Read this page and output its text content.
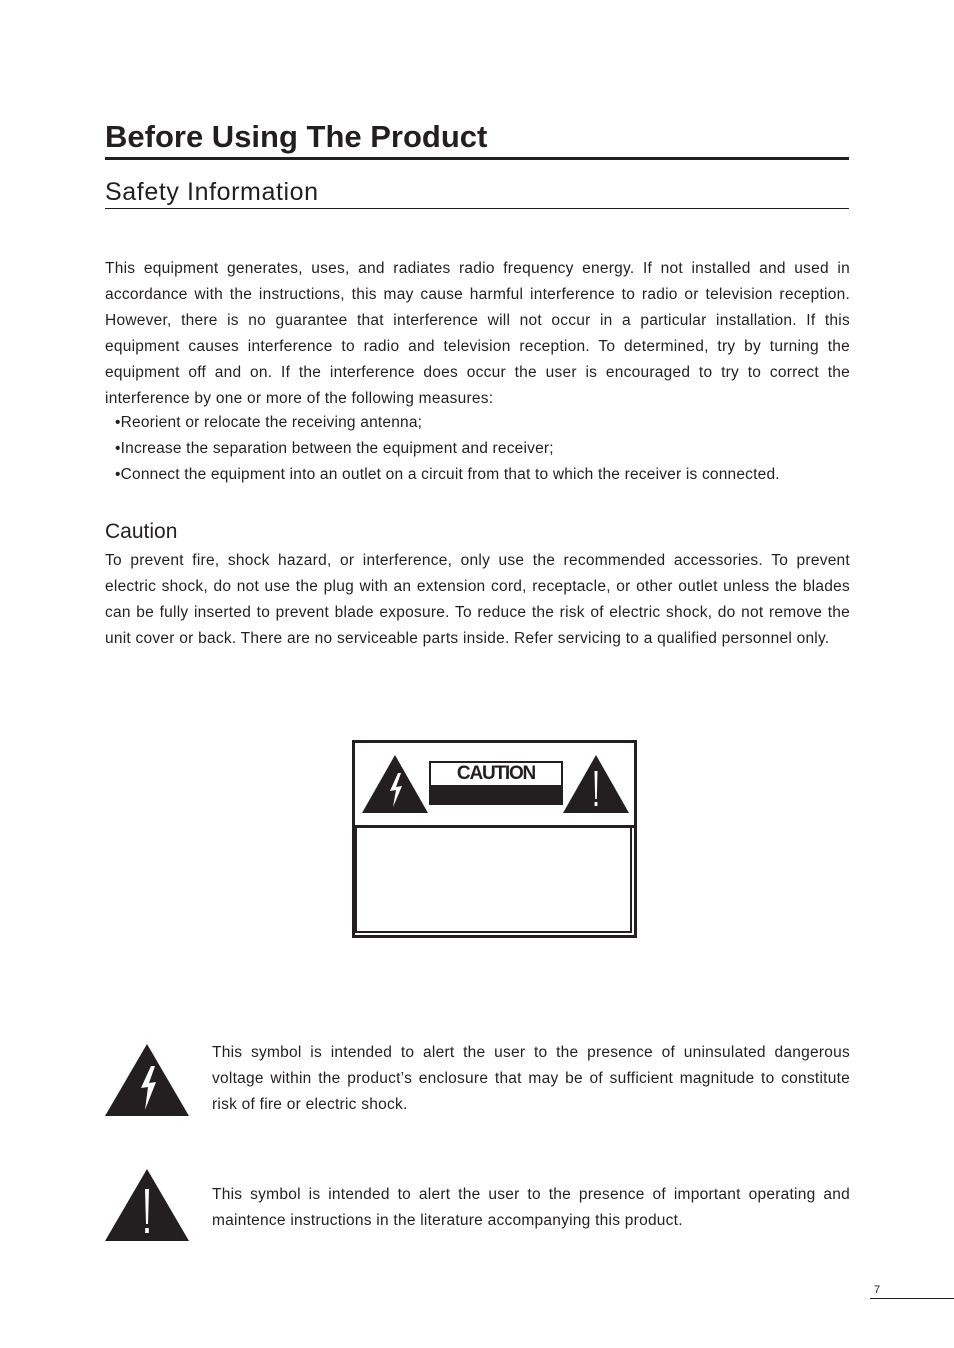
Before Using The Product
Safety Information

This equipment generates, uses, and radiates radio frequency energy. If not installed and used in accordance with the instructions, this may cause harmful interference to radio or television reception. However, there is no guarantee that interference will not occur in a particular installation. If this equipment causes interference to radio and television reception. To determined, try by turning the equipment off and on. If the interference does occur the user is encouraged to try to correct the interference by one or more of the following measures:

•Reorient or relocate the receiving antenna;
•Increase the separation between the equipment and receiver;
•Connect the equipment into an outlet on a circuit from that to which the receiver is connected.
Caution

To prevent fire, shock hazard, or interference, only use the recommended accessories. To prevent electric shock, do not use the plug with an extension cord, receptacle, or other outlet unless the blades can be fully inserted to prevent blade exposure. To reduce the risk of electric shock, do not remove the unit cover or back. There are no serviceable parts inside. Refer servicing to a qualified personnel only.

CAUTION

This symbol is intended to alert the user to the presence of uninsulated dangerous voltage within the product’s enclosure that may be of sufficient magnitude to constitute risk of fire or electric shock.

This symbol is intended to alert the user to the presence of important operating and maintence instructions in the literature accompanying this product.

7
